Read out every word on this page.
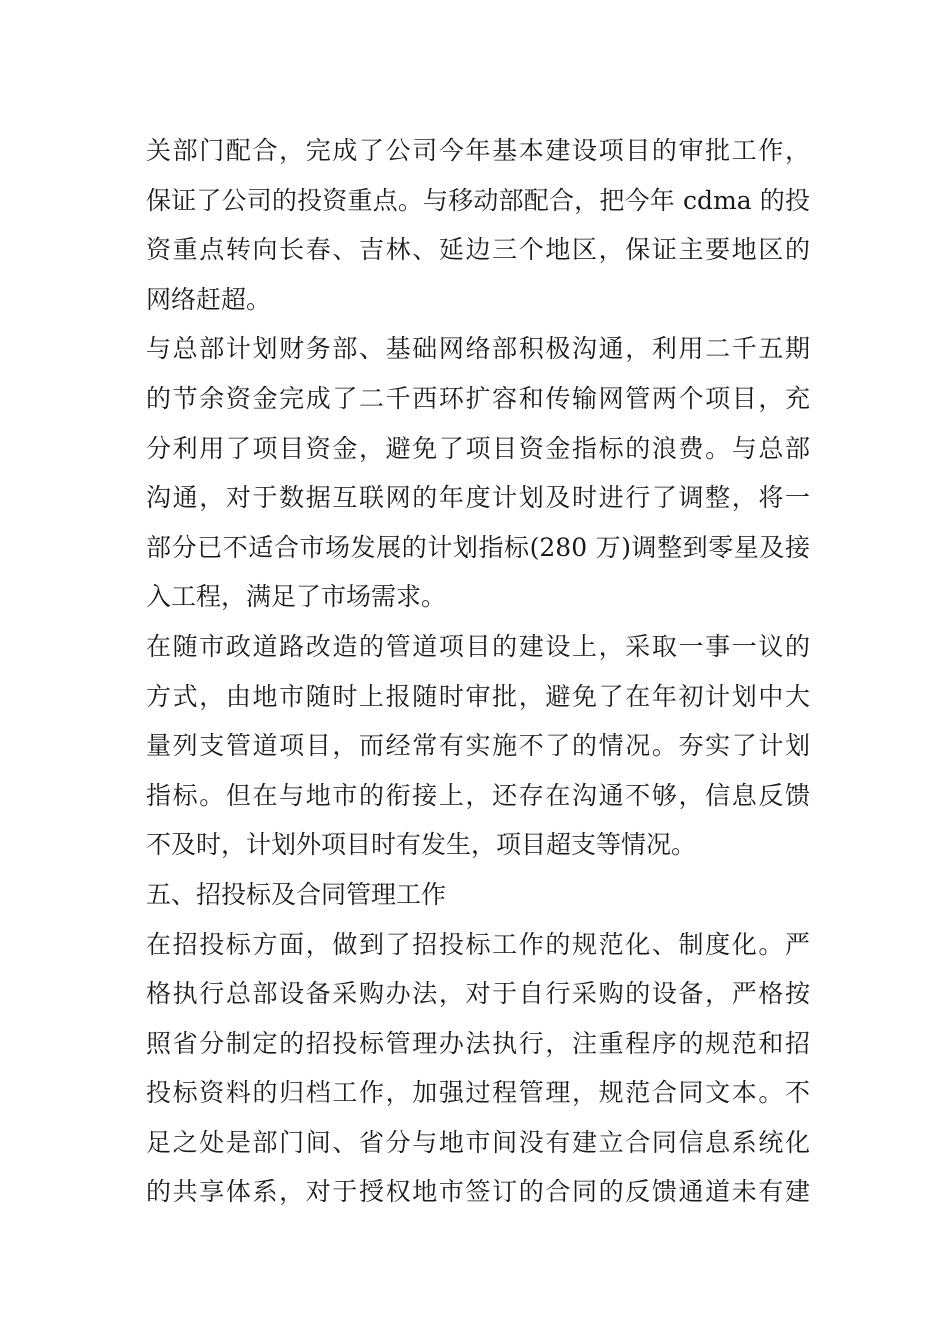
关部门配合，完成了公司今年基本建设项目的审批工作，
保证了公司的投资重点。与移动部配合，把今年 cdma 的投
资重点转向长春、吉林、延边三个地区，保证主要地区的
网络赶超。
与总部计划财务部、基础网络部积极沟通，利用二千五期
的节余资金完成了二千西环扩容和传输网管两个项目，充
分利用了项目资金，避免了项目资金指标的浪费。与总部
沟通，对于数据互联网的年度计划及时进行了调整，将一
部分已不适合市场发展的计划指标(280 万)调整到零星及接
入工程，满足了市场需求。
在随市政道路改造的管道项目的建设上，采取一事一议的
方式，由地市随时上报随时审批，避免了在年初计划中大
量列支管道项目，而经常有实施不了的情况。夯实了计划
指标。但在与地市的衔接上，还存在沟通不够，信息反馈
不及时，计划外项目时有发生，项目超支等情况。
五、招投标及合同管理工作
在招投标方面，做到了招投标工作的规范化、制度化。严
格执行总部设备采购办法，对于自行采购的设备，严格按
照省分制定的招投标管理办法执行，注重程序的规范和招
投标资料的归档工作，加强过程管理，规范合同文本。不
足之处是部门间、省分与地市间没有建立合同信息系统化
的共享体系，对于授权地市签订的合同的反馈通道未有建
